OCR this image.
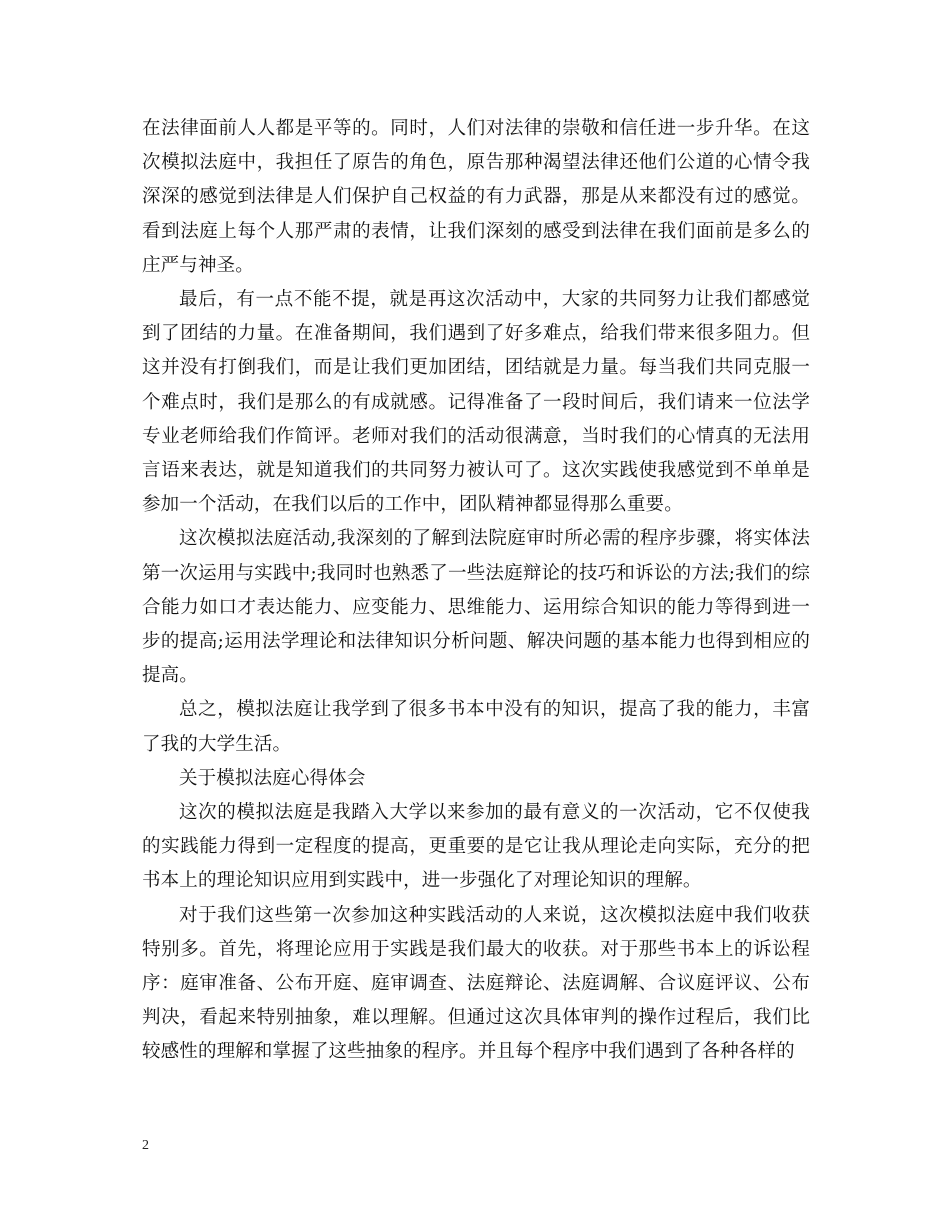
在法律面前人人都是平等的。同时，人们对法律的崇敬和信任进一步升华。在这次模拟法庭中，我担任了原告的角色，原告那种渴望法律还他们公道的心情令我深深的感觉到法律是人们保护自己权益的有力武器，那是从来都没有过的感觉。看到法庭上每个人那严肃的表情，让我们深刻的感受到法律在我们面前是多么的庄严与神圣。

最后，有一点不能不提，就是再这次活动中，大家的共同努力让我们都感觉到了团结的力量。在准备期间，我们遇到了好多难点，给我们带来很多阻力。但这并没有打倒我们，而是让我们更加团结，团结就是力量。每当我们共同克服一个难点时，我们是那么的有成就感。记得准备了一段时间后，我们请来一位法学专业老师给我们作简评。老师对我们的活动很满意，当时我们的心情真的无法用言语来表达，就是知道我们的共同努力被认可了。这次实践使我感觉到不单单是参加一个活动，在我们以后的工作中，团队精神都显得那么重要。

这次模拟法庭活动,我深刻的了解到法院庭审时所必需的程序步骤，将实体法第一次运用与实践中;我同时也熟悉了一些法庭辩论的技巧和诉讼的方法;我们的综合能力如口才表达能力、应变能力、思维能力、运用综合知识的能力等得到进一步的提高;运用法学理论和法律知识分析问题、解决问题的基本能力也得到相应的提高。

总之，模拟法庭让我学到了很多书本中没有的知识，提高了我的能力，丰富了我的大学生活。

关于模拟法庭心得体会

这次的模拟法庭是我踏入大学以来参加的最有意义的一次活动，它不仅使我的实践能力得到一定程度的提高，更重要的是它让我从理论走向实际，充分的把书本上的理论知识应用到实践中，进一步强化了对理论知识的理解。

对于我们这些第一次参加这种实践活动的人来说，这次模拟法庭中我们收获特别多。首先，将理论应用于实践是我们最大的收获。对于那些书本上的诉讼程序：庭审准备、公布开庭、庭审调查、法庭辩论、法庭调解、合议庭评议、公布判决，看起来特别抽象，难以理解。但通过这次具体审判的操作过程后，我们比较感性的理解和掌握了这些抽象的程序。并且每个程序中我们遇到了各种各样的

2
